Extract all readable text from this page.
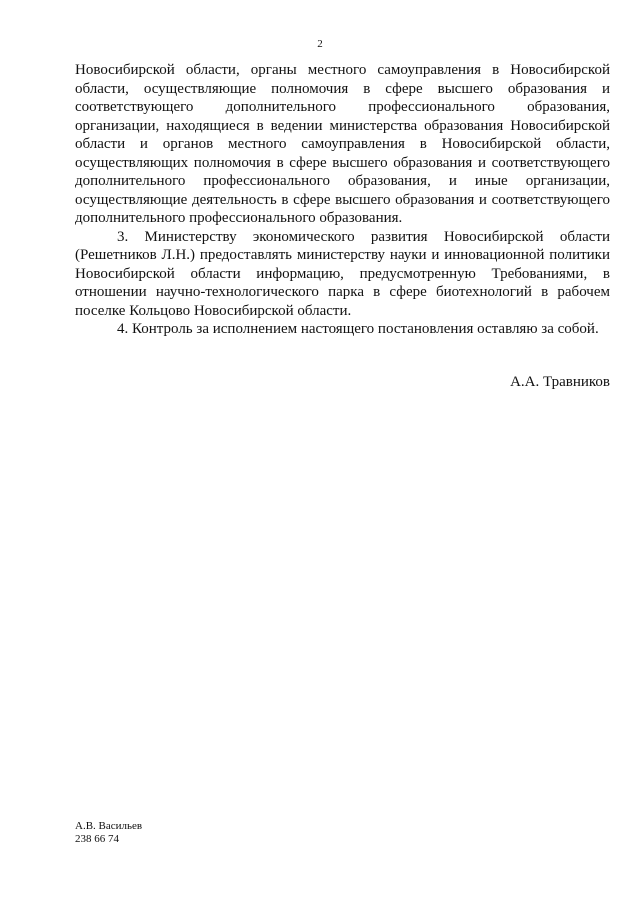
2

Новосибирской области, органы местного самоуправления в Новосибирской области, осуществляющие полномочия в сфере высшего образования и соответствующего дополнительного профессионального образования, организации, находящиеся в ведении министерства образования Новосибирской области и органов местного самоуправления в Новосибирской области, осуществляющих полномочия в сфере высшего образования и соответствующего дополнительного профессионального образования, и иные организации, осуществляющие деятельность в сфере высшего образования и соответствующего дополнительного профессионального образования.

3. Министерству экономического развития Новосибирской области (Решетников Л.Н.) предоставлять министерству науки и инновационной политики Новосибирской области информацию, предусмотренную Требованиями, в отношении научно-технологического парка в сфере биотехнологий в рабочем поселке Кольцово Новосибирской области.

4. Контроль за исполнением настоящего постановления оставляю за собой.

А.А. Травников
А.В. Васильев
238 66 74
